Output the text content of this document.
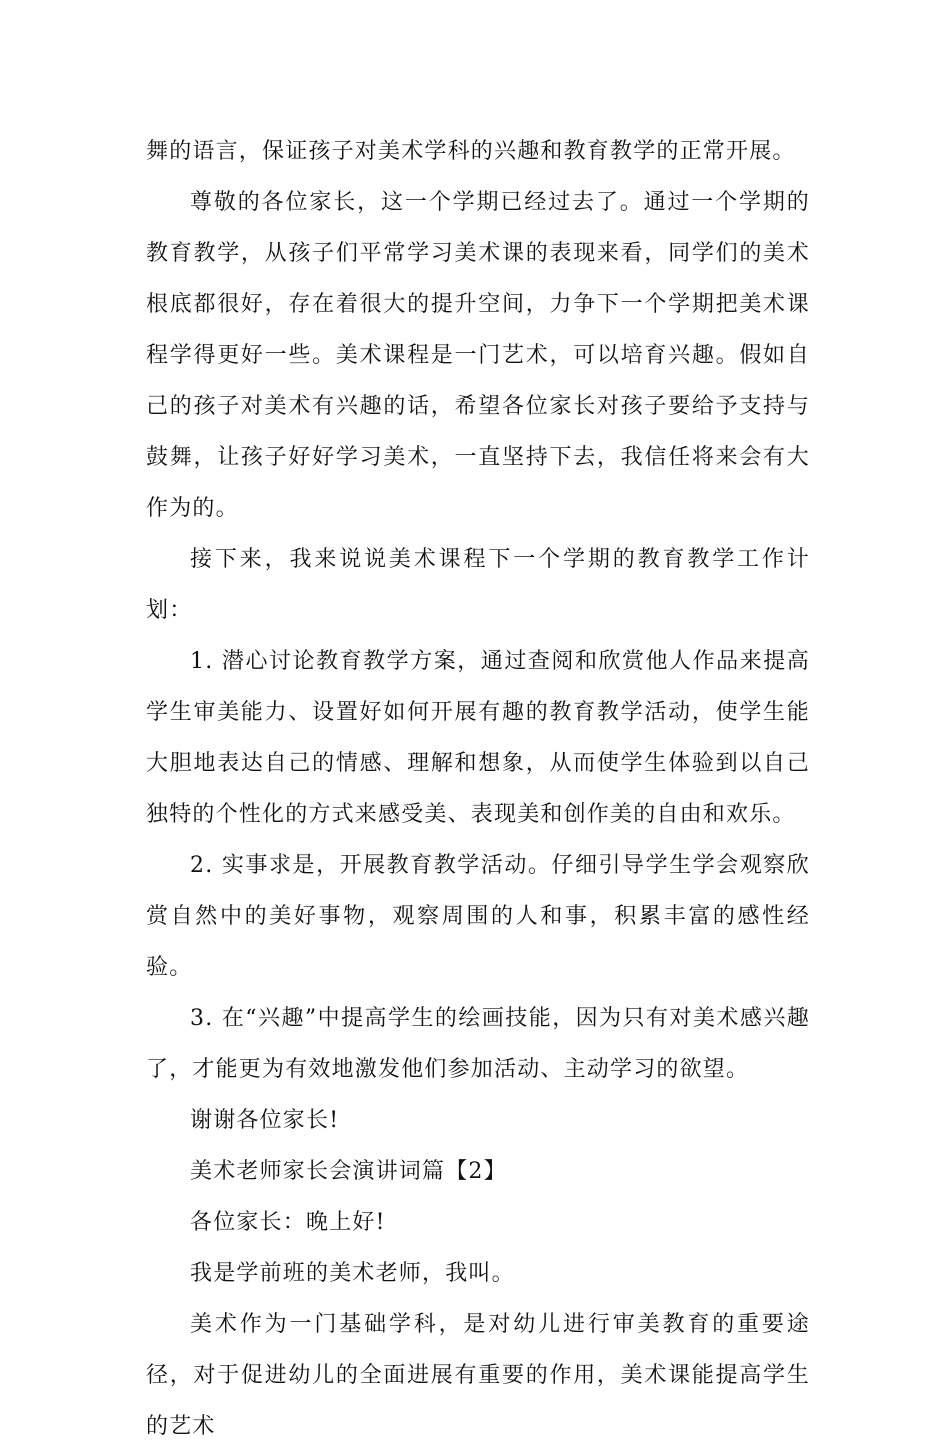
舞的语言，保证孩子对美术学科的兴趣和教育教学的正常开展。

尊敬的各位家长，这一个学期已经过去了。通过一个学期的教育教学，从孩子们平常学习美术课的表现来看，同学们的美术根底都很好，存在着很大的提升空间，力争下一个学期把美术课程学得更好一些。美术课程是一门艺术，可以培育兴趣。假如自己的孩子对美术有兴趣的话，希望各位家长对孩子要给予支持与鼓舞，让孩子好好学习美术，一直坚持下去，我信任将来会有大作为的。

接下来，我来说说美术课程下一个学期的教育教学工作计划：

1. 潜心讨论教育教学方案，通过查阅和欣赏他人作品来提高学生审美能力、设置好如何开展有趣的教育教学活动，使学生能大胆地表达自己的情感、理解和想象，从而使学生体验到以自己独特的个性化的方式来感受美、表现美和创作美的自由和欢乐。

2. 实事求是，开展教育教学活动。仔细引导学生学会观察欣赏自然中的美好事物，观察周围的人和事，积累丰富的感性经验。

3. 在“兴趣”中提高学生的绘画技能，因为只有对美术感兴趣了，才能更为有效地激发他们参加活动、主动学习的欲望。

谢谢各位家长!

美术老师家长会演讲词篇【2】

各位家长：晚上好!

我是学前班的美术老师，我叫。

美术作为一门基础学科，是对幼儿进行审美教育的重要途径，对于促进幼儿的全面进展有重要的作用，美术课能提高学生的艺术
